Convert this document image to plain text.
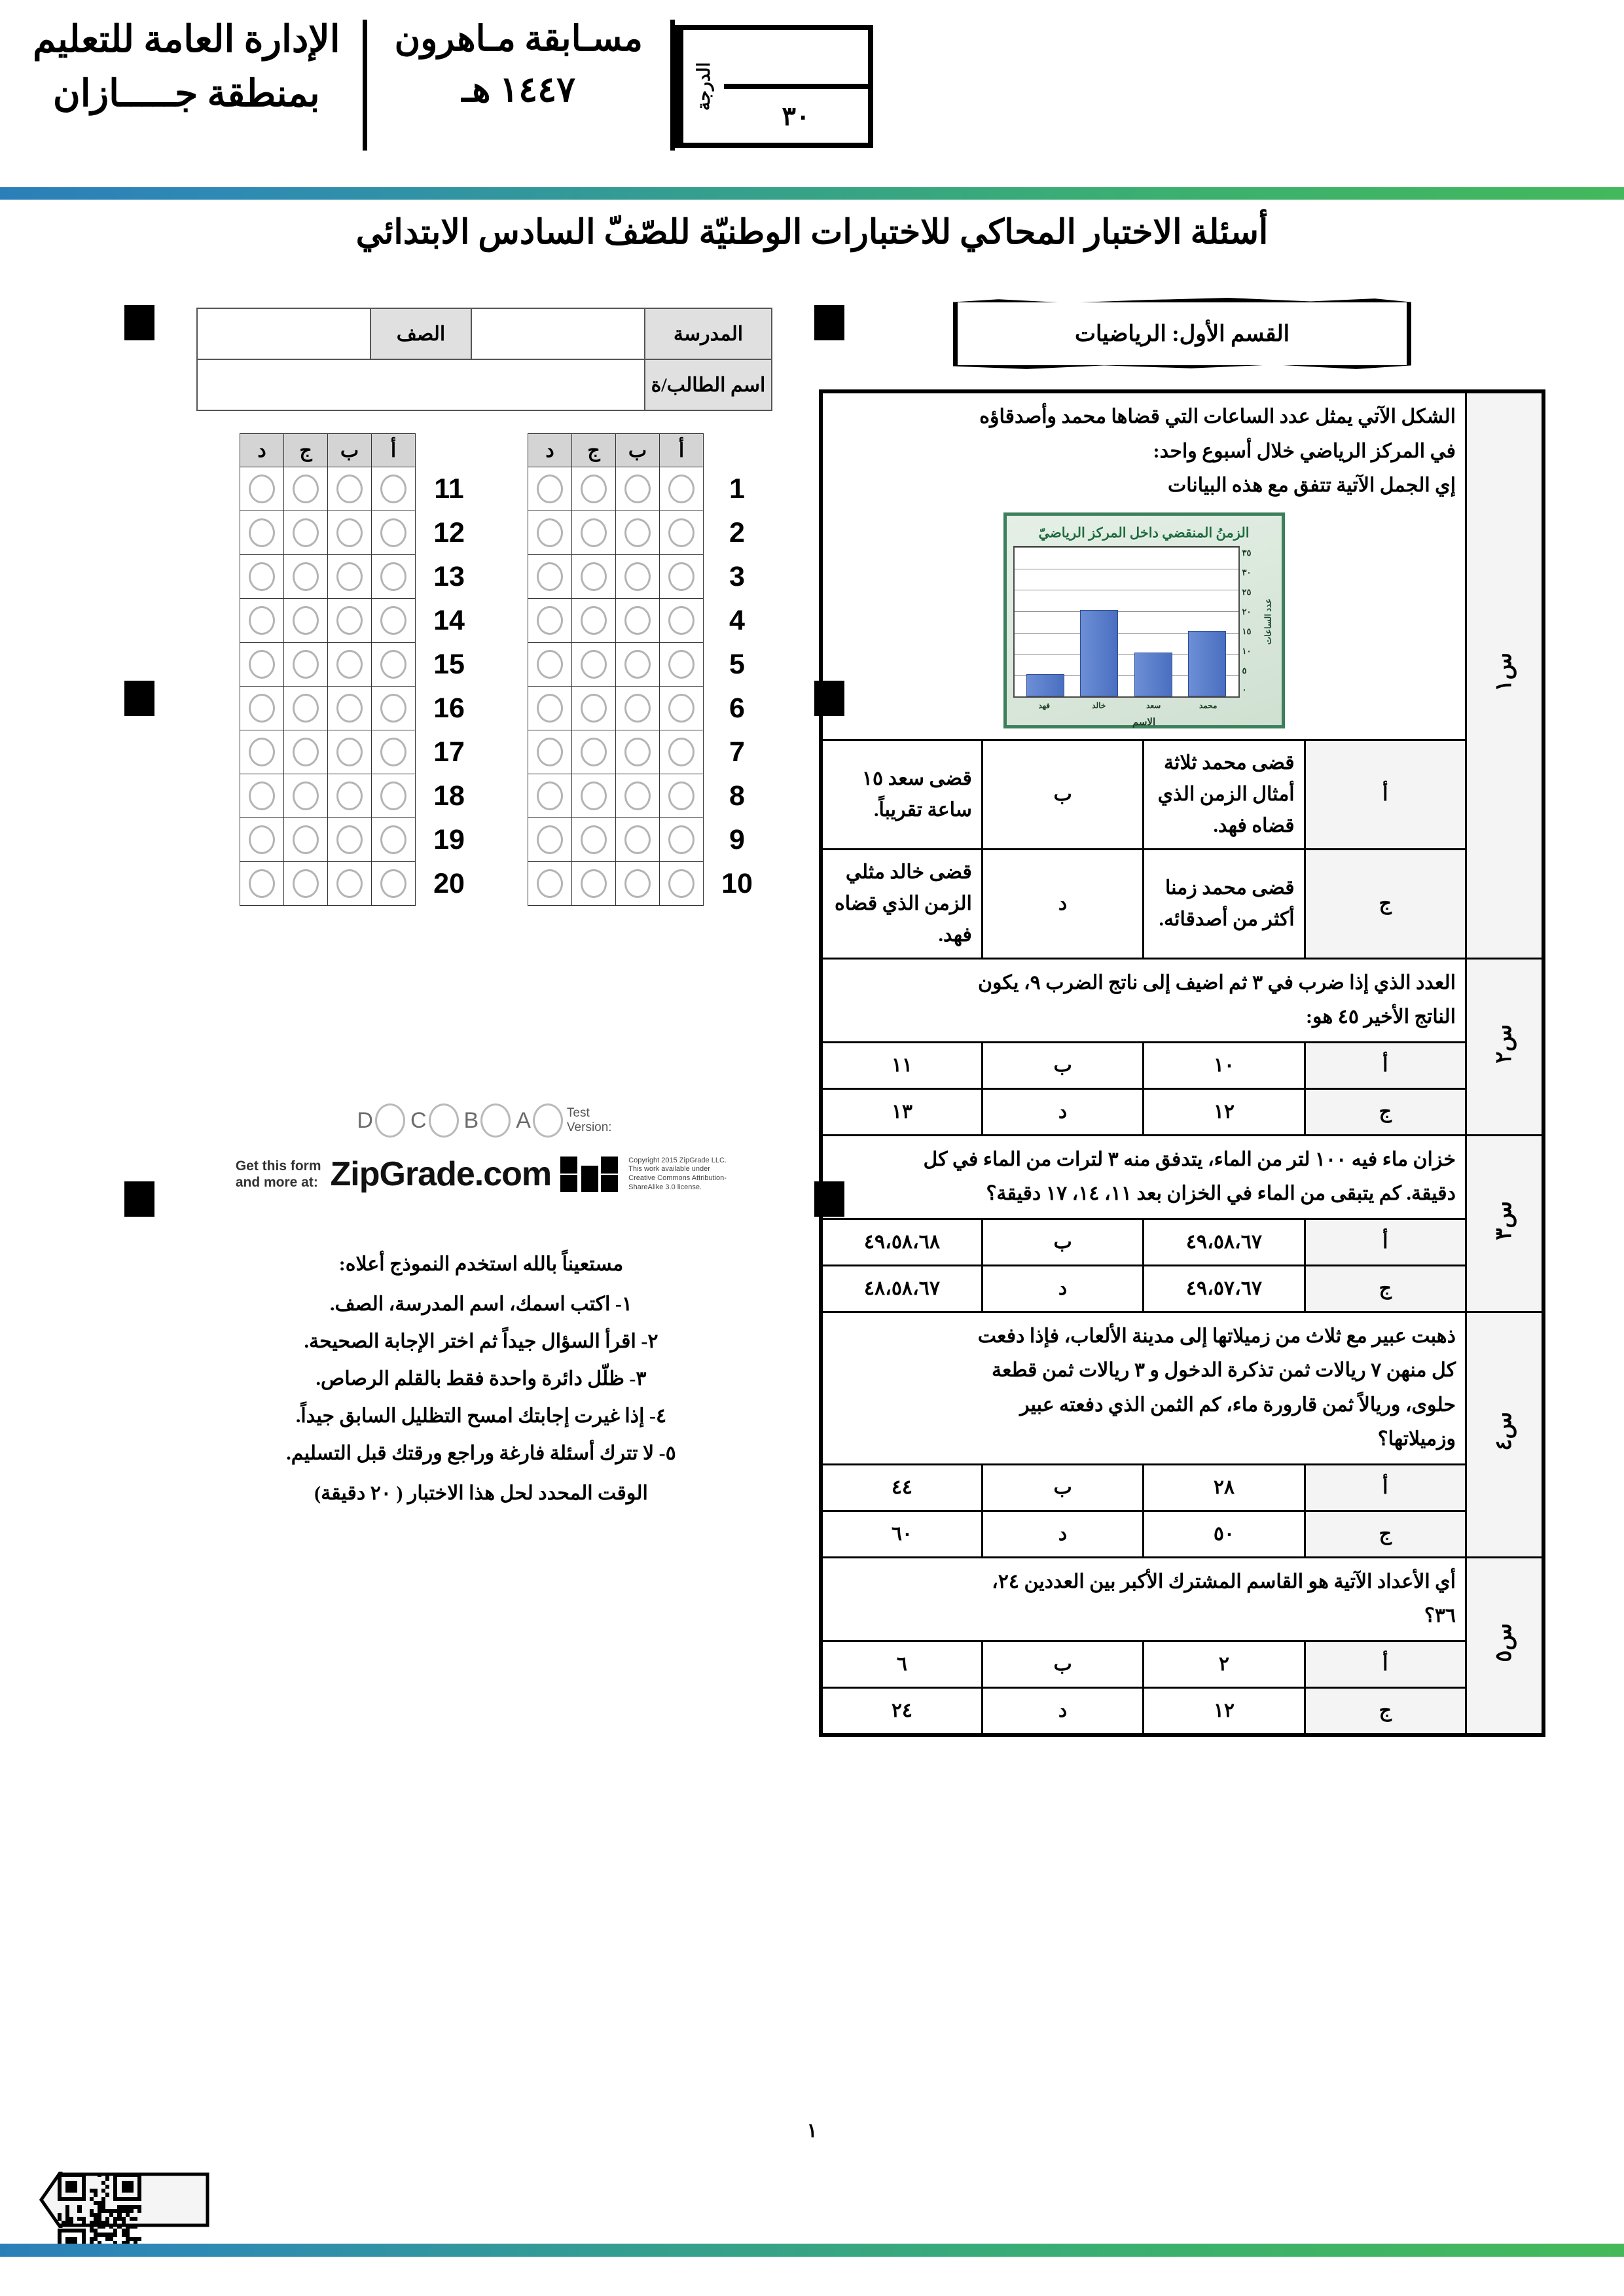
الإدارة العامة للتعليم
بمنطقة جـــــازان
مسـابقة مـاهرون
١٤٤٧ هـ	الدرجة
٣٠
أسئلة الاختبار المحاكي للاختبارات الوطنيّة للصّفّ السادس الابتدائي
القسم الأول: الرياضيات
س١	
الشكل الآتي يمثل عدد الساعات التي قضاها محمد وأصدقاؤه
في المركز الرياضي خلال أسبوع واحد:
إي الجمل الآتية تتفق مع هذه البيانات
الزمنُ المنقضي داخل المركز الرياضيّ
عدد الساعات
٣٥
٣٠
٢٥
٢٠
١٥
١٠
٥
٠
محمد
سعد
خالد
فهد
الاسم

	أ	قضى محمد ثلاثة أمثال الزمن الذي قضاه فهد.	ب	قضى سعد ١٥ ساعة تقريباً.
	ج	قضى محمد زمنا أكثر من أصدقائه.	د	قضى خالد مثلي الزمن الذي قضاه فهد.
س٢	العدد الذي إذا ضرب في ٣ ثم اضيف إلى ناتج الضرب ٩، يكون
الناتج الأخير ٤٥ هو:			

	أ	١٠	ب	١١
	ج	١٢	د	١٣
س٣	خزان ماء فيه ١٠٠ لتر من الماء، يتدفق منه ٣ لترات من الماء في كل
دقيقة. كم يتبقى من الماء في الخزان بعد ١١، ١٤، ١٧ دقيقة؟			

	أ	٤٩،٥٨،٦٧	ب	٤٩،٥٨،٦٨
	ج	٤٩،٥٧،٦٧	د	٤٨،٥٨،٦٧
س٤	ذهبت عبير مع ثلاث من زميلاتها إلى مدينة الألعاب، فإذا دفعت
كل منهن ٧ ريالات ثمن تذكرة الدخول و ٣ ريالات ثمن قطعة
حلوى، وريالاً ثمن قارورة ماء، كم الثمن الذي دفعته عبير
وزميلاتها؟			

	أ	٢٨	ب	٤٤
	ج	٥٠	د	٦٠
س٥	أي الأعداد الآتية هو القاسم المشترك الأكبر بين العددين ٢٤،
٣٦؟			

	أ	٢	ب	٦
	ج	١٢	د	٢٤
المدرسة		الصف	
اسم الطالب/ة			
	أ	ب	ج	د
1	

2	

3	

4	

5	

6	

7	

8	

9	

10	

	أ	ب	ج	د
11	

12	

13	

14	

15	

16	

17	

18	

19	

20	

Test
Version:
A
B
C
D
Get this form
and more at: ZipGrade.com	Copyright 2015 ZipGrade LLC. This work available under Creative Commons Attribution-ShareAlike 3.0 license.
مستعيناً بالله استخدم النموذج أعلاه:
١- اكتب اسمك، اسم المدرسة، الصف.
٢- اقرأ السؤال جيداً ثم اختر الإجابة الصحيحة.
٣- ظلّل دائرة واحدة فقط بالقلم الرصاص.
٤- إذا غيرت إجابتك امسح التظليل السابق جيداً.
٥- لا تترك أسئلة فارغة وراجع ورقتك قبل التسليم.
الوقت المحدد لحل هذا الاختبار ( ٢٠ دقيقة)
١
